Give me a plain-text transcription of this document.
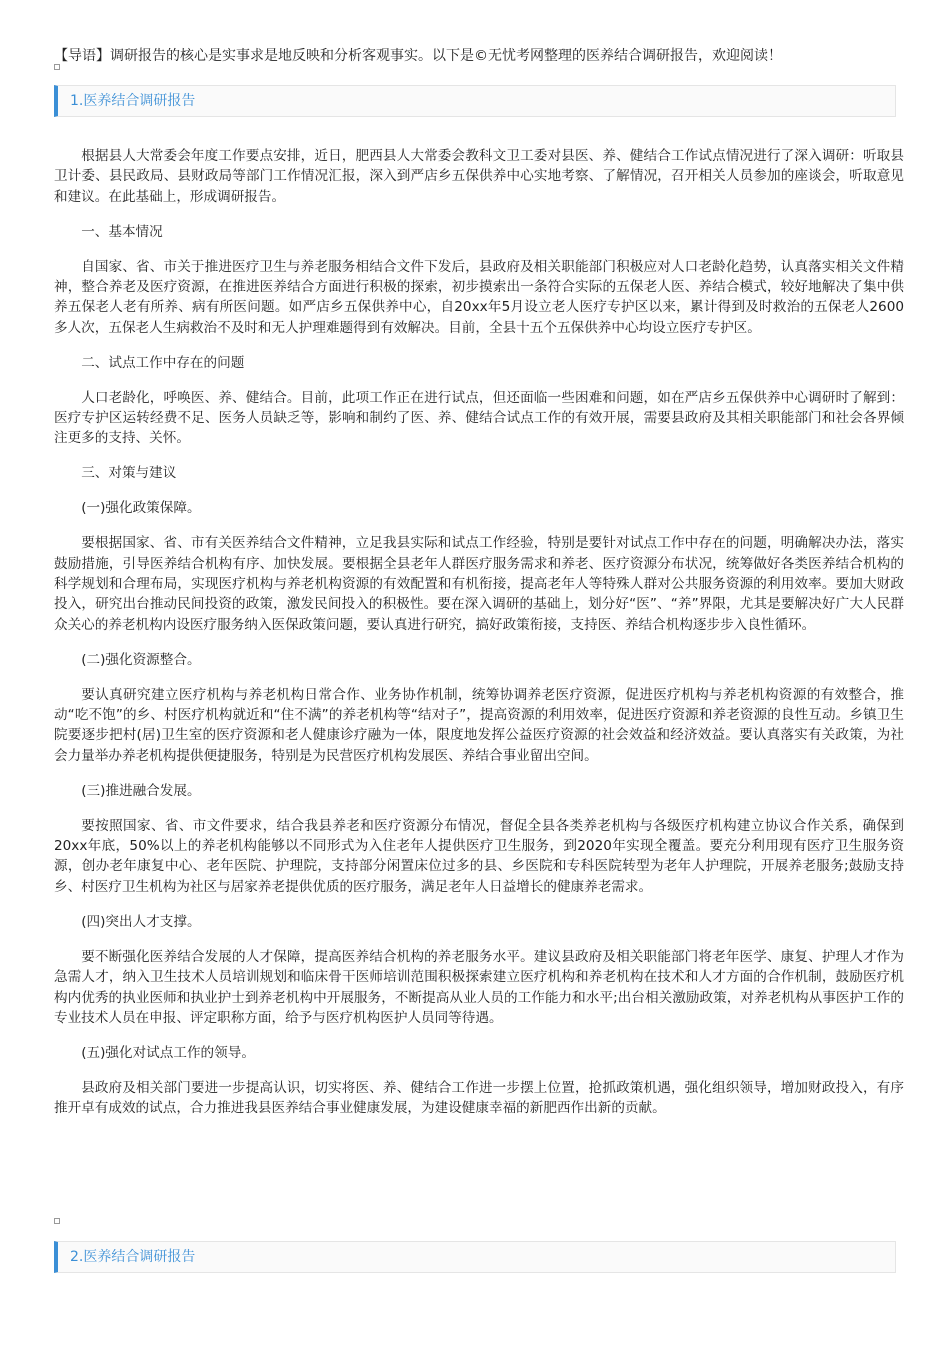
【导语】调研报告的核心是实事求是地反映和分析客观事实。以下是©无忧考网整理的医养结合调研报告，欢迎阅读！
1.医养结合调研报告

根据县人大常委会年度工作要点安排，近日，肥西县人大常委会教科文卫工委对县医、养、健结合工作试点情况进行了深入调研：听取县卫计委、县民政局、县财政局等部门工作情况汇报，深入到严店乡五保供养中心实地考察、了解情况，召开相关人员参加的座谈会，听取意见和建议。在此基础上，形成调研报告。

一、基本情况

自国家、省、市关于推进医疗卫生与养老服务相结合文件下发后，县政府及相关职能部门积极应对人口老龄化趋势，认真落实相关文件精神，整合养老及医疗资源，在推进医养结合方面进行积极的探索，初步摸索出一条符合实际的五保老人医、养结合模式，较好地解决了集中供养五保老人老有所养、病有所医问题。如严店乡五保供养中心，自20xx年5月设立老人医疗专护区以来，累计得到及时救治的五保老人2600多人次，五保老人生病救治不及时和无人护理难题得到有效解决。目前，全县十五个五保供养中心均设立医疗专护区。

二、试点工作中存在的问题

人口老龄化，呼唤医、养、健结合。目前，此项工作正在进行试点，但还面临一些困难和问题，如在严店乡五保供养中心调研时了解到：医疗专护区运转经费不足、医务人员缺乏等，影响和制约了医、养、健结合试点工作的有效开展，需要县政府及其相关职能部门和社会各界倾注更多的支持、关怀。

三、对策与建议

(一)强化政策保障。

要根据国家、省、市有关医养结合文件精神，立足我县实际和试点工作经验，特别是要针对试点工作中存在的问题，明确解决办法，落实鼓励措施，引导医养结合机构有序、加快发展。要根据全县老年人群医疗服务需求和养老、医疗资源分布状况，统筹做好各类医养结合机构的科学规划和合理布局，实现医疗机构与养老机构资源的有效配置和有机衔接，提高老年人等特殊人群对公共服务资源的利用效率。要加大财政投入，研究出台推动民间投资的政策，激发民间投入的积极性。要在深入调研的基础上，划分好“医”、“养”界限，尤其是要解决好广大人民群众关心的养老机构内设医疗服务纳入医保政策问题，要认真进行研究，搞好政策衔接，支持医、养结合机构逐步步入良性循环。

(二)强化资源整合。

要认真研究建立医疗机构与养老机构日常合作、业务协作机制，统筹协调养老医疗资源，促进医疗机构与养老机构资源的有效整合，推动“吃不饱”的乡、村医疗机构就近和“住不满”的养老机构等“结对子”，提高资源的利用效率，促进医疗资源和养老资源的良性互动。乡镇卫生院要逐步把村(居)卫生室的医疗资源和老人健康诊疗融为一体，限度地发挥公益医疗资源的社会效益和经济效益。要认真落实有关政策，为社会力量举办养老机构提供便捷服务，特别是为民营医疗机构发展医、养结合事业留出空间。

(三)推进融合发展。

要按照国家、省、市文件要求，结合我县养老和医疗资源分布情况，督促全县各类养老机构与各级医疗机构建立协议合作关系，确保到20xx年底，50%以上的养老机构能够以不同形式为入住老年人提供医疗卫生服务，到2020年实现全覆盖。要充分利用现有医疗卫生服务资源，创办老年康复中心、老年医院、护理院，支持部分闲置床位过多的县、乡医院和专科医院转型为老年人护理院，开展养老服务;鼓励支持乡、村医疗卫生机构为社区与居家养老提供优质的医疗服务，满足老年人日益增长的健康养老需求。

(四)突出人才支撑。

要不断强化医养结合发展的人才保障，提高医养结合机构的养老服务水平。建议县政府及相关职能部门将老年医学、康复、护理人才作为急需人才，纳入卫生技术人员培训规划和临床骨干医师培训范围积极探索建立医疗机构和养老机构在技术和人才方面的合作机制，鼓励医疗机构内优秀的执业医师和执业护士到养老机构中开展服务，不断提高从业人员的工作能力和水平;出台相关激励政策，对养老机构从事医护工作的专业技术人员在申报、评定职称方面，给予与医疗机构医护人员同等待遇。

(五)强化对试点工作的领导。

县政府及相关部门要进一步提高认识，切实将医、养、健结合工作进一步摆上位置，抢抓政策机遇，强化组织领导，增加财政投入，有序推开卓有成效的试点，合力推进我县医养结合事业健康发展，为建设健康幸福的新肥西作出新的贡献。

2.医养结合调研报告
